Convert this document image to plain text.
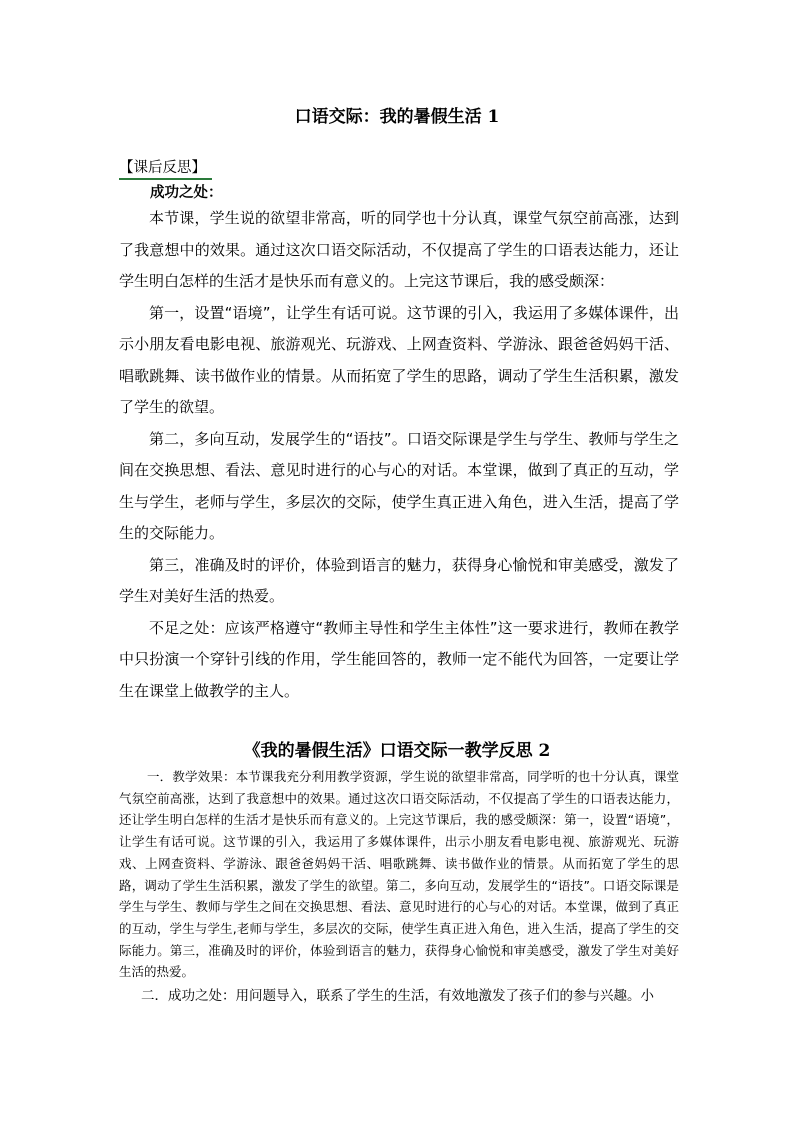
口语交际：我的暑假生活 1
【课后反思】
成功之处：

本节课，学生说的欲望非常高，听的同学也十分认真，课堂气氛空前高涨，达到了我意想中的效果。通过这次口语交际活动，不仅提高了学生的口语表达能力，还让学生明白怎样的生活才是快乐而有意义的。上完这节课后，我的感受颇深：

第一，设置“语境”，让学生有话可说。这节课的引入，我运用了多媒体课件，出示小朋友看电影电视、旅游观光、玩游戏、上网查资料、学游泳、跟爸爸妈妈干活、唱歌跳舞、读书做作业的情景。从而拓宽了学生的思路，调动了学生生活积累，激发了学生的欲望。

第二，多向互动，发展学生的“语技”。口语交际课是学生与学生、教师与学生之间在交换思想、看法、意见时进行的心与心的对话。本堂课，做到了真正的互动，学生与学生，老师与学生，多层次的交际，使学生真正进入角色，进入生活，提高了学生的交际能力。

第三，准确及时的评价，体验到语言的魅力，获得身心愉悦和审美感受，激发了学生对美好生活的热爱。

不足之处：应该严格遵守“教师主导性和学生主体性”这一要求进行，教师在教学中只扮演一个穿针引线的作用，学生能回答的，教师一定不能代为回答，一定要让学生在课堂上做教学的主人。

《我的暑假生活》口语交际一教学反思 2

一．教学效果：本节课我充分利用教学资源，学生说的欲望非常高，同学听的也十分认真，课堂气氛空前高涨，达到了我意想中的效果。通过这次口语交际活动，不仅提高了学生的口语表达能力，还让学生明白怎样的生活才是快乐而有意义的。上完这节课后，我的感受颇深：第一，设置“语境”，让学生有话可说。这节课的引入，我运用了多媒体课件，出示小朋友看电影电视、旅游观光、玩游戏、上网查资料、学游泳、跟爸爸妈妈干活、唱歌跳舞、读书做作业的情景。从而拓宽了学生的思路，调动了学生生活积累，激发了学生的欲望。第二，多向互动，发展学生的“语技”。口语交际课是学生与学生、教师与学生之间在交换思想、看法、意见时进行的心与心的对话。本堂课，做到了真正的互动，学生与学生,老师与学生，多层次的交际，使学生真正进入角色，进入生活，提高了学生的交际能力。第三，准确及时的评价，体验到语言的魅力，获得身心愉悦和审美感受，激发了学生对美好生活的热爱。

二．成功之处：用问题导入，联系了学生的生活，有效地激发了孩子们的参与兴趣。小
